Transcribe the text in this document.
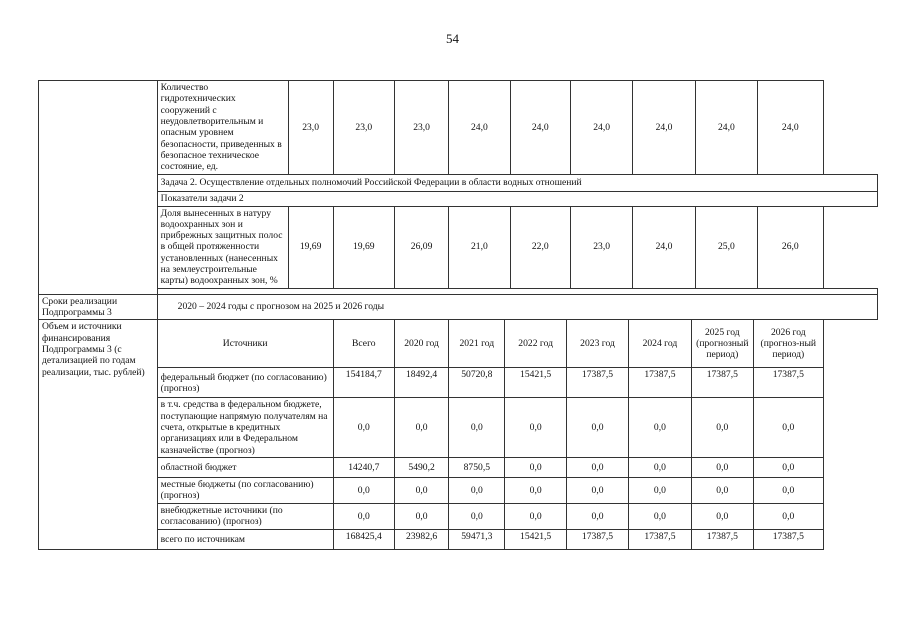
54
	Количество гидротехнических сооружений с неудовлетворительным и опасным уровнем безопасности, приведенных в безопасное техническое состояние, ед.	23,0	23,0	23,0	24,0		24,0		24,0		24,0		24,0		24,0
	Задача 2. Осуществление отдельных полномочий Российской Федерации в области водных отношений														
	Показатели задачи 2														
	Доля вынесенных в натуру водоохранных зон и прибрежных защитных полос в общей протяженности установленных (нанесенных на землеустроительные карты) водоохранных зон, %	19,69	19,69	26,09	21,0		22,0		23,0		24,0		25,0		26,0

Сроки реализации Подпрограммы 3	2020 – 2024 годы с прогнозом на 2025 и 2026 годы														
Объем и источники финансирования Подпрограммы 3 (с детализацией по годам реализации, тыс. рублей)	Источники		Всего	2020 год	2021 год	2022 год		2023 год		2024 год		2025 год (прогнозный период)		2026 год (прогноз-ный период)	
	федеральный бюджет (по согласованию) (прогноз)		154184,7	18492,4	50720,8	15421,5		17387,5		17387,5		17387,5		17387,5	
	в т.ч. средства в федеральном бюджете, поступающие напрямую получателям на счета, открытые в кредитных организациях или в Федеральном казначействе (прогноз)		0,0	0,0	0,0	0,0		0,0		0,0		0,0		0,0	
	областной бюджет		14240,7	5490,2	8750,5	0,0		0,0		0,0		0,0		0,0	
	местные бюджеты (по согласованию) (прогноз)		0,0	0,0	0,0	0,0		0,0		0,0		0,0		0,0	
	внебюджетные источники (по согласованию) (прогноз)		0,0	0,0	0,0	0,0		0,0		0,0		0,0		0,0	
	всего по источникам		168425,4	23982,6	59471,3	15421,5		17387,5		17387,5		17387,5		17387,5	
